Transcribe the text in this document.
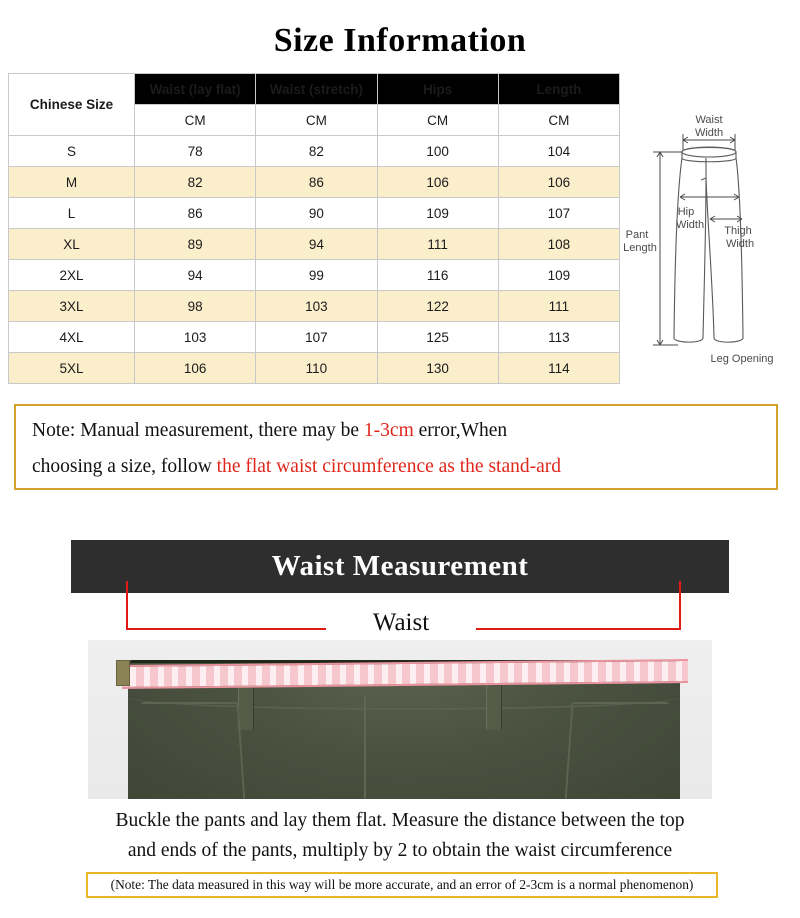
Size Information
Chinese Size	Waist (lay flat)	Waist (stretch)	Hips	Length
	CM	CM	CM	CM
S	78	82	100	104
M	82	86	106	106
L	86	90	109	107
XL	89	94	111	108
2XL	94	99	116	109
3XL	98	103	122	111
4XL	103	107	125	113
5XL	106	110	130	114
Waist
Width
Hip
Width Thigh
Width
Pant
Length
Leg Opening
Note: Manual measurement, there may be 1-3cm error,When
choosing a size, follow the flat waist circumference as the stand-ard
Waist Measurement
Waist
Buckle the pants and lay them flat. Measure the distance between the top
and ends of the pants, multiply by 2 to obtain the waist circumference
(Note: The data measured in this way will be more accurate, and an error of 2-3cm is a normal phenomenon)
